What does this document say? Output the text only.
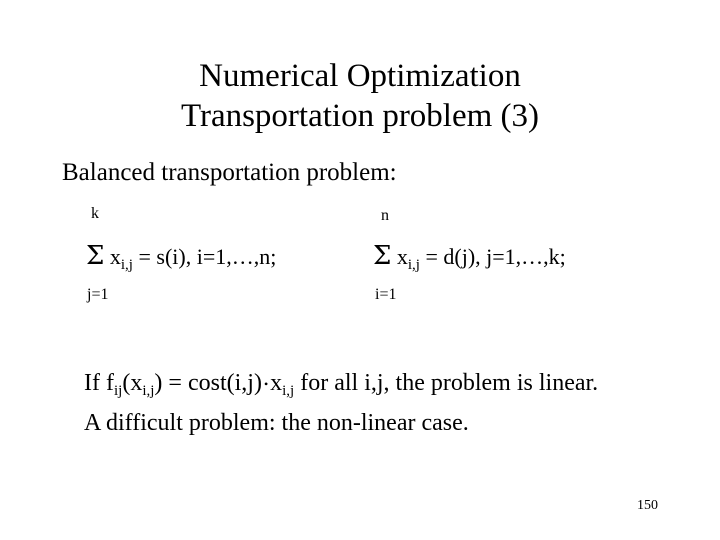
Numerical Optimization
Transportation problem (3)
Balanced transportation problem:
k
Σ $x_{i,j} = s(i)$, i=1,…,n;
j=1
n
Σ $x_{i,j} = d(j)$, j=1,…,k;
i=1
If $f_{ij}(x_{i,j}) = \cos t(i,j)$ $•x_{i,j}$ for all i,j, the problem is linear.
A difficult problem: the non-linear case.
150
